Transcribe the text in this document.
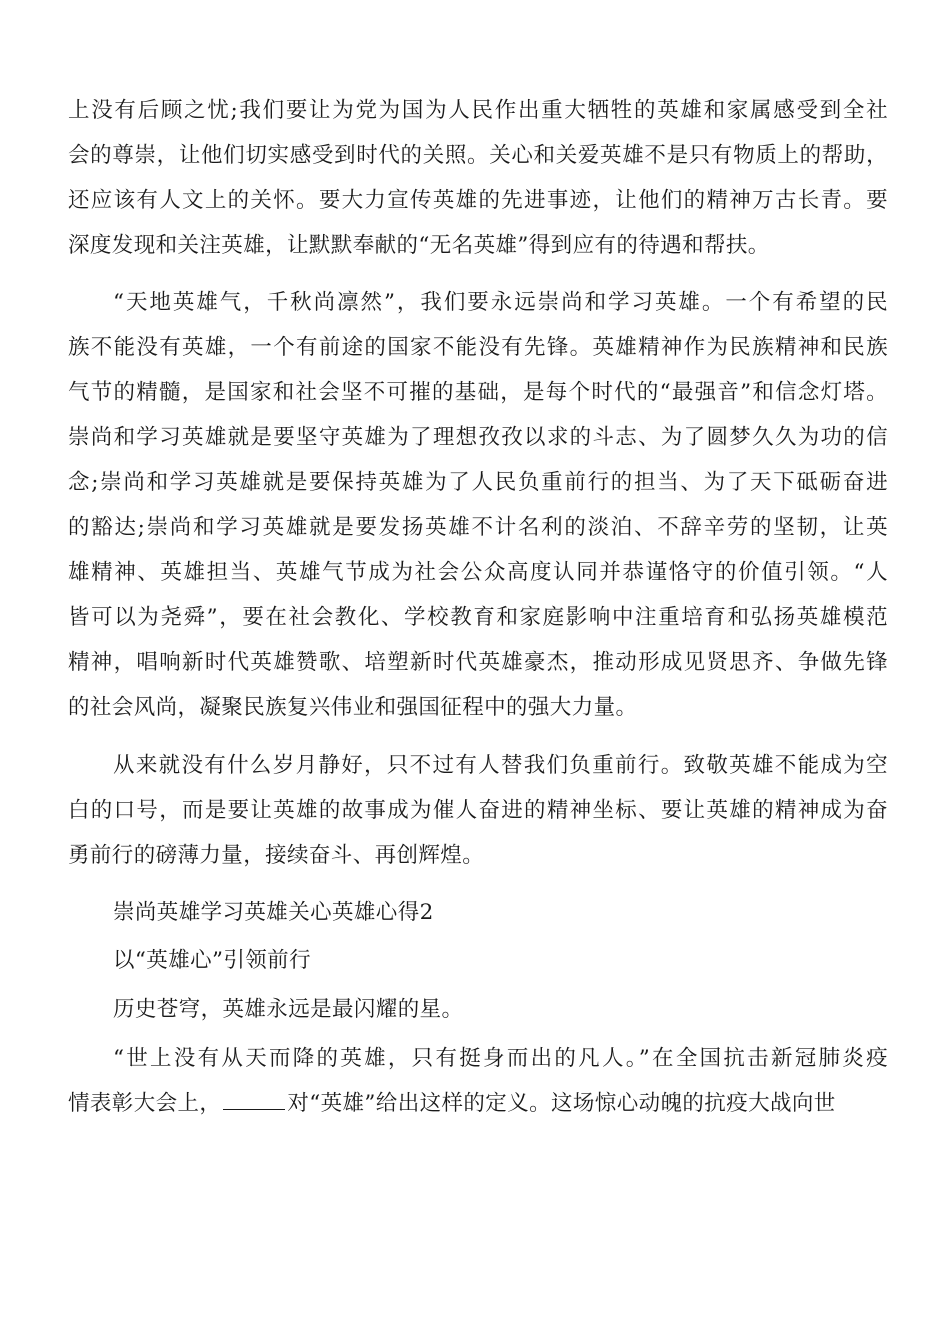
上没有后顾之忧;我们要让为党为国为人民作出重大牺牲的英雄和家属感受到全社
会的尊崇，让他们切实感受到时代的关照。关心和关爱英雄不是只有物质上的帮助，
还应该有人文上的关怀。要大力宣传英雄的先进事迹，让他们的精神万古长青。要
深度发现和关注英雄，让默默奉献的“无名英雄”得到应有的待遇和帮扶。
“天地英雄气，千秋尚凛然”，我们要永远崇尚和学习英雄。一个有希望的民
族不能没有英雄，一个有前途的国家不能没有先锋。英雄精神作为民族精神和民族
气节的精髓，是国家和社会坚不可摧的基础，是每个时代的“最强音”和信念灯塔。
崇尚和学习英雄就是要坚守英雄为了理想孜孜以求的斗志、为了圆梦久久为功的信
念;崇尚和学习英雄就是要保持英雄为了人民负重前行的担当、为了天下砥砺奋进
的豁达;崇尚和学习英雄就是要发扬英雄不计名利的淡泊、不辞辛劳的坚韧，让英
雄精神、英雄担当、英雄气节成为社会公众高度认同并恭谨恪守的价值引领。“人
皆可以为尧舜”，要在社会教化、学校教育和家庭影响中注重培育和弘扬英雄模范
精神，唱响新时代英雄赞歌、培塑新时代英雄豪杰，推动形成见贤思齐、争做先锋
的社会风尚，凝聚民族复兴伟业和强国征程中的强大力量。
从来就没有什么岁月静好，只不过有人替我们负重前行。致敬英雄不能成为空
白的口号，而是要让英雄的故事成为催人奋进的精神坐标、要让英雄的精神成为奋
勇前行的磅薄力量，接续奋斗、再创辉煌。
崇尚英雄学习英雄关心英雄心得2
以“英雄心”引领前行
历史苍穹，英雄永远是最闪耀的星。
“世上没有从天而降的英雄，只有挺身而出的凡人。”在全国抗击新冠肺炎疫
情表彰大会上，	对“英雄”给出这样的定义。这场惊心动魄的抗疫大战向世
